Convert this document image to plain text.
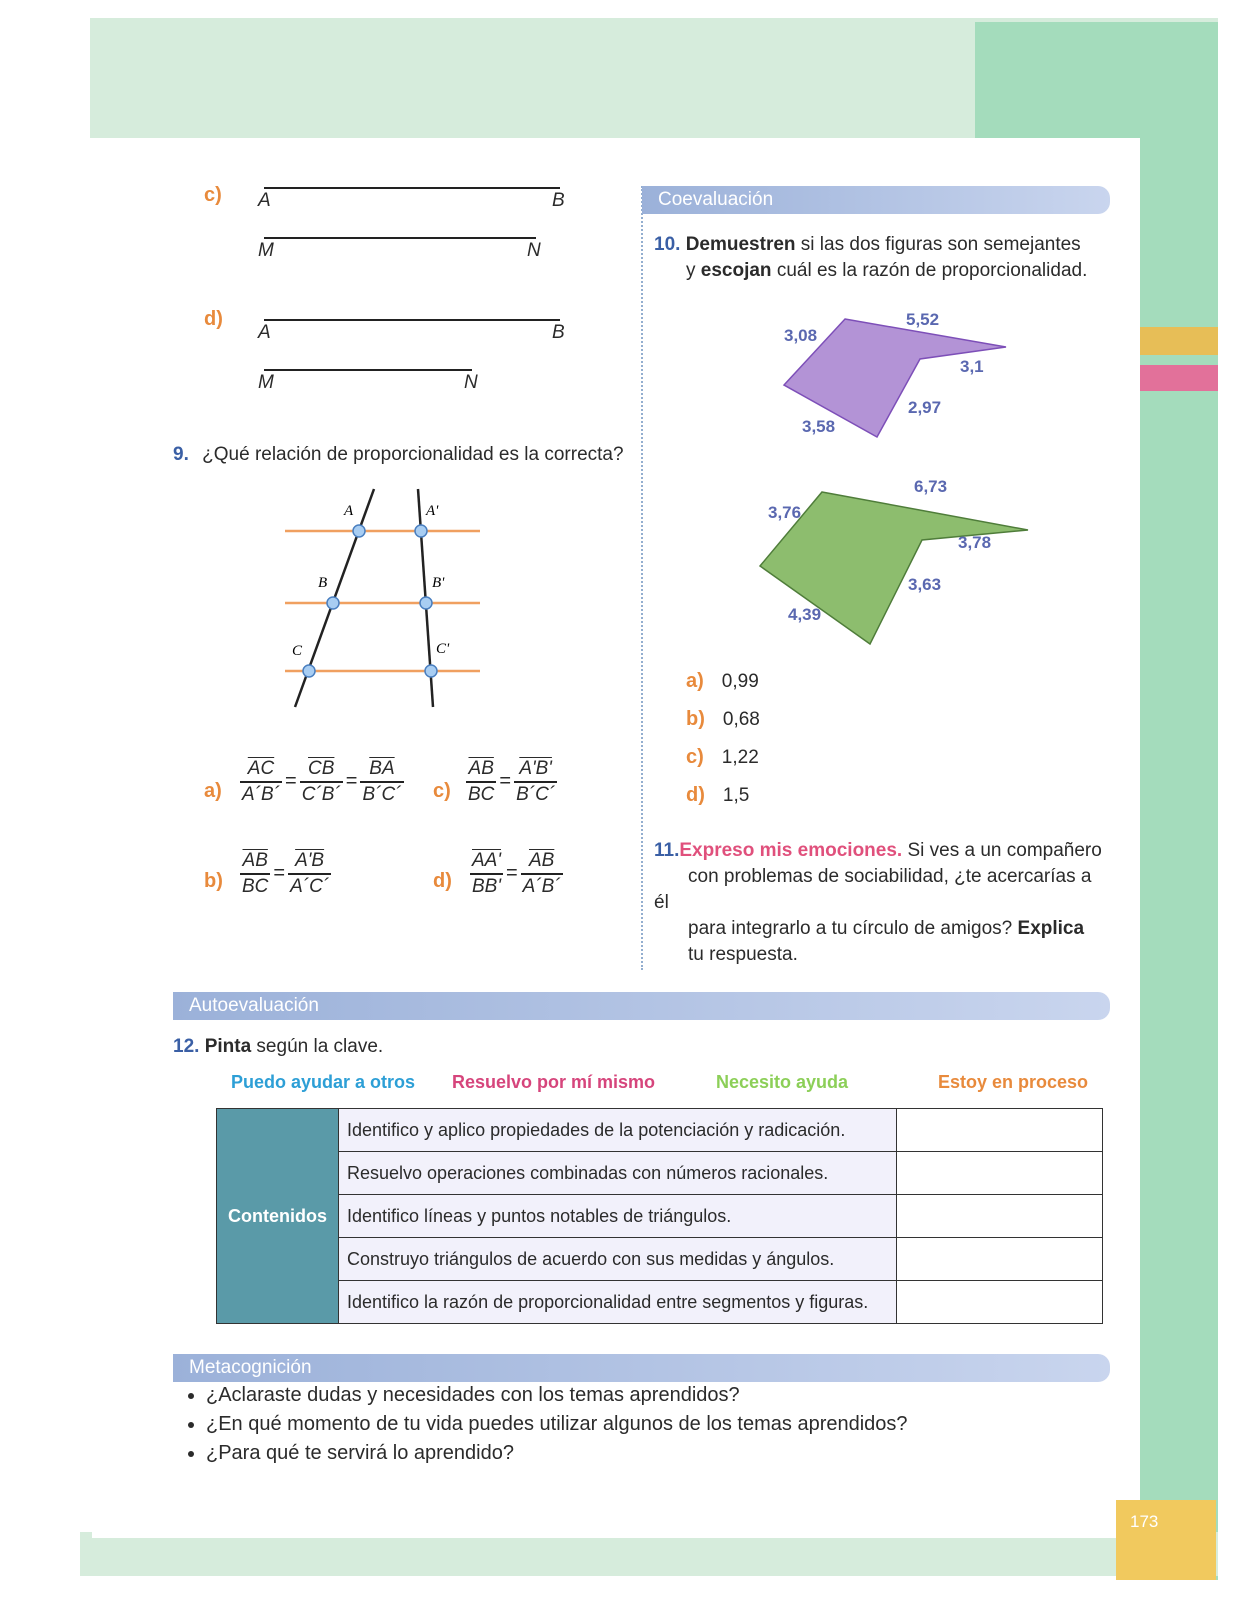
173
c) A	B
M	N
d)
A	B
M	N
9. ¿Qué relación de proporcionalidad es la correcta?
A
B
C
A'
B'
C'
$a) \frac{\overline{AC}}{A´B´} = \frac{\overline{CB}}{C´B´} = \frac{\overline{BA}}{B´C´} c) \frac{\overline{AB}}{BC} = \frac{A'B'}{B´C´}$
$b) \frac{\overline{AB}}{BC} = \frac{A'B}{A´C´}$	$d) \frac{AA'}{BB'} = \frac{\overline{AB}}{A´B´}$
Coevaluación
10. Demuestren si las dos figuras son semejantes
y escojan cuál es la razón de proporcionalidad.
3,08
5,52
3,1
2,97
3,58
3,76
6,73
3,78
3,63
4,39
a) 0,99
b) 0,68
c) 1,22
d) 1,5
11.Expreso mis emociones. Si ves a un compañero
con problemas de sociabilidad, ¿te acercarías a él
para integrarlo a tu círculo de amigos? Explica
tu respuesta.
Autoevaluación
12. Pinta según la clave.
Puedo ayudar a otros Resuelvo por mí mismo	Necesito ayuda	Estoy en proceso
Contenidos	Identifico y aplico propiedades de la potenciación y radicación.	
	Resuelvo operaciones combinadas con números racionales.	
	Identifico líneas y puntos notables de triángulos.	
	Construyo triángulos de acuerdo con sus medidas y ángulos.	
	Identifico la razón de proporcionalidad entre segmentos y figuras.	
Metacognición
• ¿Aclaraste dudas y necesidades con los temas aprendidos?
• ¿En qué momento de tu vida puedes utilizar algunos de los temas aprendidos?
• ¿Para qué te servirá lo aprendido?
